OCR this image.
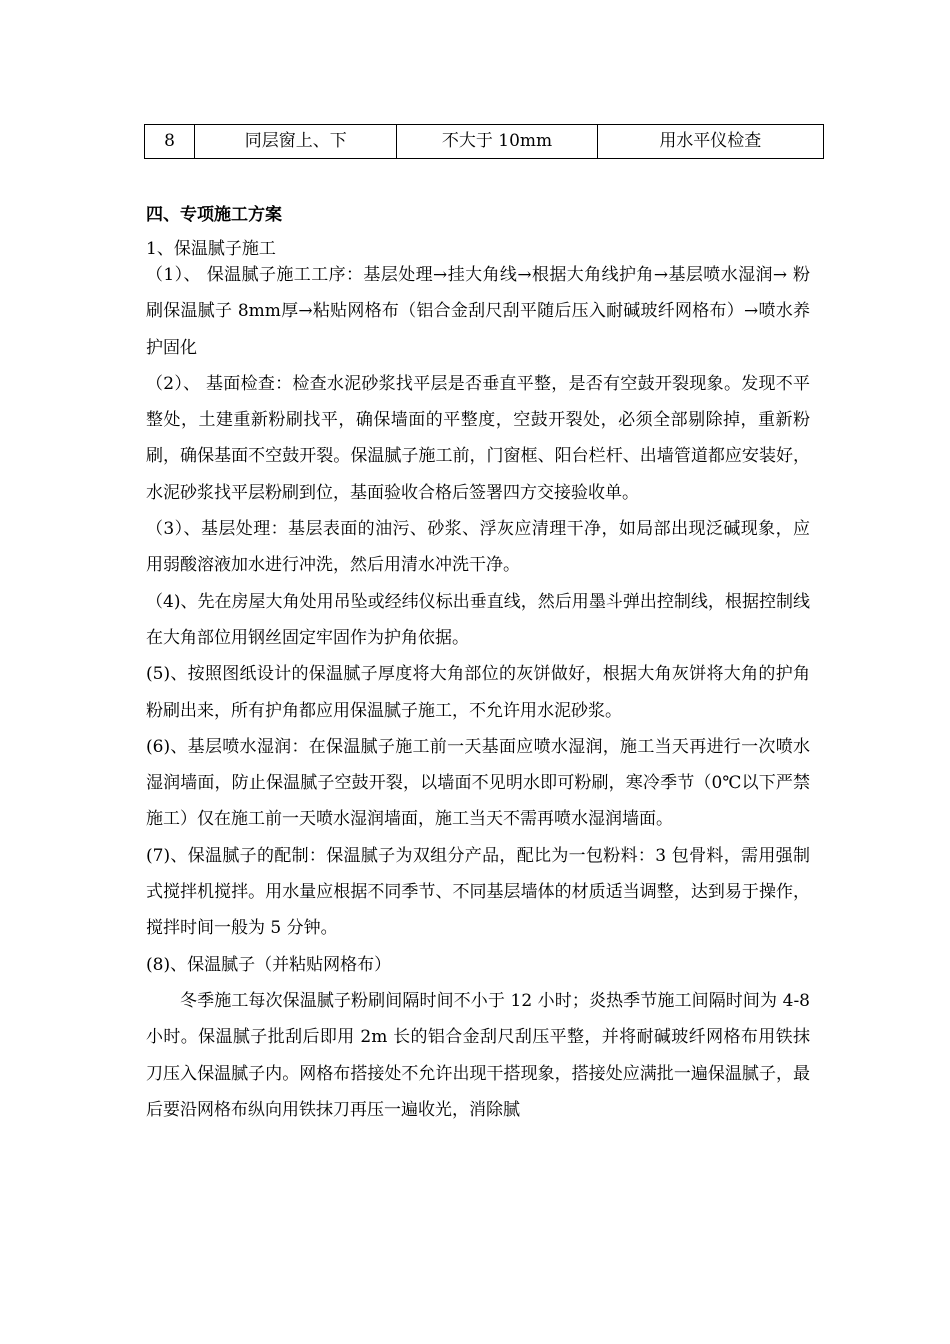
8	同层窗上、下	不大于 10mm	用水平仪检查
四、专项施工方案
1、保温腻子施工

（1）、 保温腻子施工工序：基层处理→挂大角线→根据大角线护角→基层喷水湿润→ 粉刷保温腻子 8mm厚→粘贴网格布（铝合金刮尺刮平随后压入耐碱玻纤网格布）→喷水养护固化

（2）、 基面检查：检查水泥砂浆找平层是否垂直平整，是否有空鼓开裂现象。发现不平整处，土建重新粉刷找平，确保墙面的平整度，空鼓开裂处，必须全部剔除掉，重新粉刷，确保基面不空鼓开裂。保温腻子施工前，门窗框、阳台栏杆、出墙管道都应安装好，水泥砂浆找平层粉刷到位，基面验收合格后签署四方交接验收单。

（3）、基层处理：基层表面的油污、砂浆、浮灰应清理干净，如局部出现泛碱现象，应用弱酸溶液加水进行冲洗，然后用清水冲洗干净。

（4)、先在房屋大角处用吊坠或经纬仪标出垂直线，然后用墨斗弹出控制线，根据控制线在大角部位用钢丝固定牢固作为护角依据。

(5)、按照图纸设计的保温腻子厚度将大角部位的灰饼做好，根据大角灰饼将大角的护角粉刷出来，所有护角都应用保温腻子施工，不允许用水泥砂浆。

(6)、基层喷水湿润：在保温腻子施工前一天基面应喷水湿润，施工当天再进行一次喷水湿润墙面，防止保温腻子空鼓开裂，以墙面不见明水即可粉刷，寒冷季节（0℃以下严禁施工）仅在施工前一天喷水湿润墙面，施工当天不需再喷水湿润墙面。

(7)、保温腻子的配制：保温腻子为双组分产品，配比为一包粉料：3 包骨料，需用强制式搅拌机搅拌。用水量应根据不同季节、不同基层墙体的材质适当调整，达到易于操作，搅拌时间一般为 5 分钟。

(8)、保温腻子（并粘贴网格布）

冬季施工每次保温腻子粉刷间隔时间不小于 12 小时；炎热季节施工间隔时间为 4-8 小时。保温腻子批刮后即用 2m 长的铝合金刮尺刮压平整，并将耐碱玻纤网格布用铁抹刀压入保温腻子内。网格布搭接处不允许出现干搭现象，搭接处应满批一遍保温腻子，最后要沿网格布纵向用铁抹刀再压一遍收光，消除腻
